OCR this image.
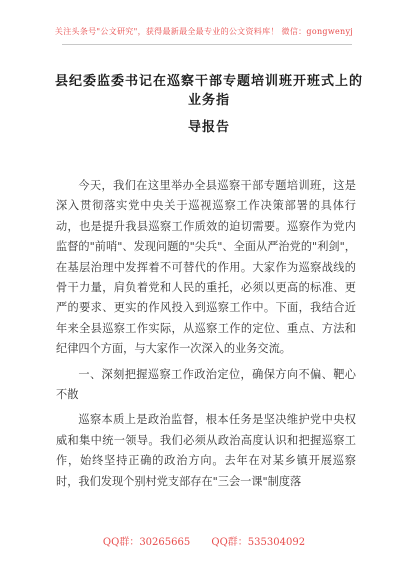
关注头条号"公文研究"，获得最新最全最专业的公文资料库！ 微信：gongwenyj
县纪委监委书记在巡察干部专题培训班开班式上的业务指
导报告

今天，我们在这里举办全县巡察干部专题培训班，这是深入贯彻落实党中央关于巡视巡察工作决策部署的具体行动，也是提升我县巡察工作质效的迫切需要。巡察作为党内监督的"前哨"、发现问题的"尖兵"、全面从严治党的"利剑"，在基层治理中发挥着不可替代的作用。大家作为巡察战线的骨干力量，肩负着党和人民的重托，必须以更高的标准、更严的要求、更实的作风投入到巡察工作中。下面，我结合近年来全县巡察工作实际，从巡察工作的定位、重点、方法和纪律四个方面，与大家作一次深入的业务交流。

一、深刻把握巡察工作政治定位，确保方向不偏、靶心不散

巡察本质上是政治监督，根本任务是坚决维护党中央权威和集中统一领导。我们必须从政治高度认识和把握巡察工作，始终坚持正确的政治方向。去年在对某乡镇开展巡察时，我们发现个别村党支部存在"三会一课"制度落

QQ群：30265665 QQ群：535304092
